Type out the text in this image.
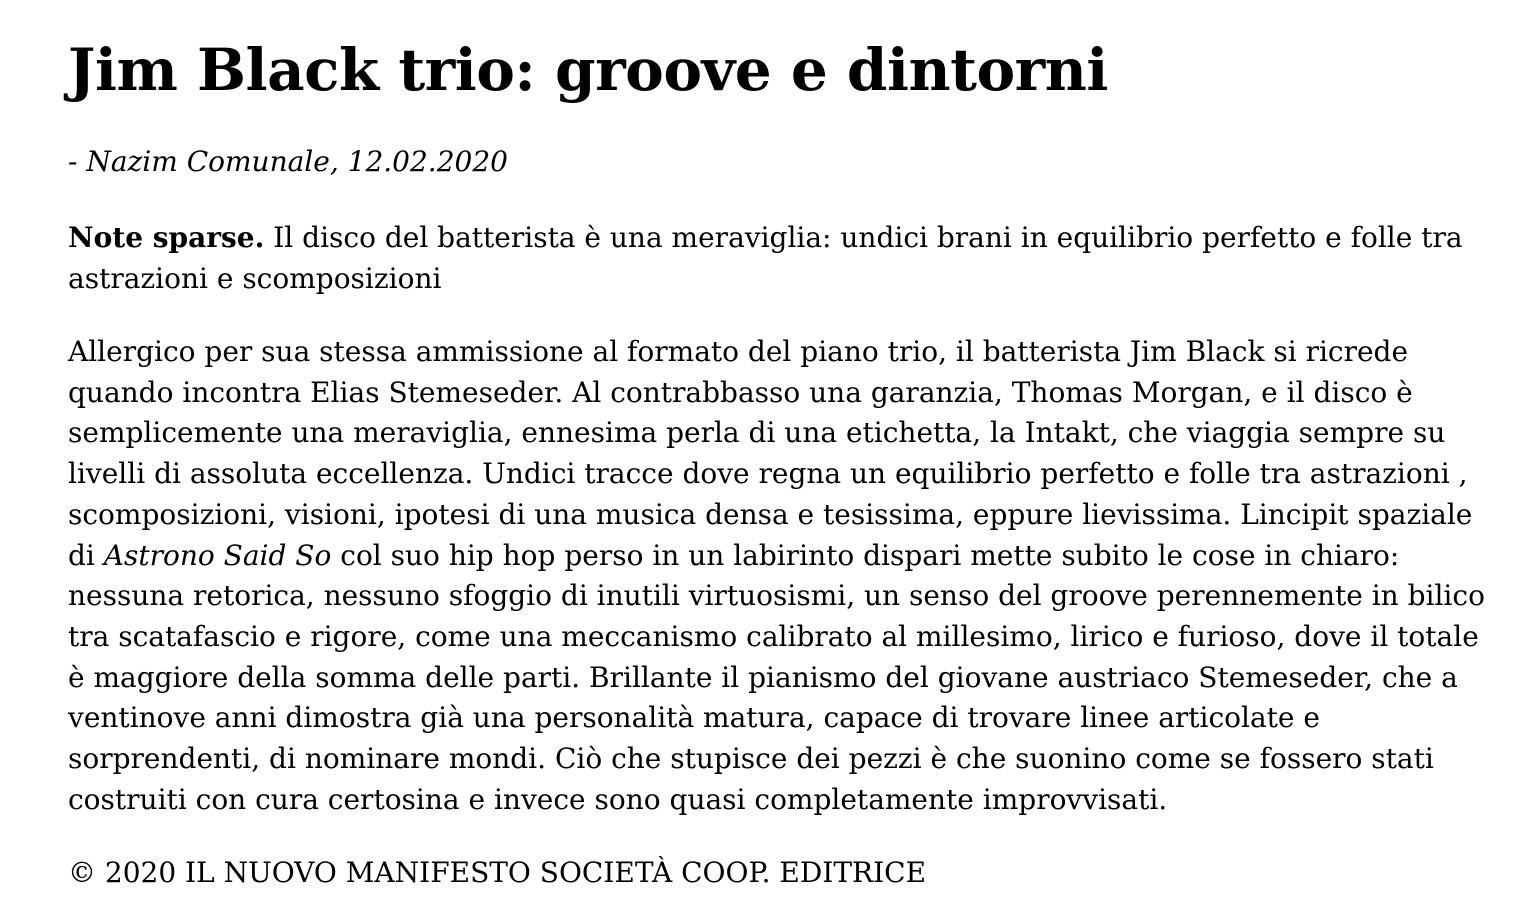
Jim Black trio: groove e dintorni

- Nazim Comunale, 12.02.2020

Note sparse. Il disco del batterista è una meraviglia: undici brani in equilibrio perfetto e folle tra astrazioni e scomposizioni

Allergico per sua stessa ammissione al formato del piano trio, il batterista Jim Black si ricrede quando incontra Elias Stemeseder. Al contrabbasso una garanzia, Thomas Morgan, e il disco è semplicemente una meraviglia, ennesima perla di una etichetta, la Intakt, che viaggia sempre su livelli di assoluta eccellenza. Undici tracce dove regna un equilibrio perfetto e folle tra astrazioni , scomposizioni, visioni, ipotesi di una musica densa e tesissima, eppure lievissima. Lincipit spaziale di Astrono Said So col suo hip hop perso in un labirinto dispari mette subito le cose in chiaro: nessuna retorica, nessuno sfoggio di inutili virtuosismi, un senso del groove perennemente in bilico tra scatafascio e rigore, come una meccanismo calibrato al millesimo, lirico e furioso, dove il totale è maggiore della somma delle parti. Brillante il pianismo del giovane austriaco Stemeseder, che a ventinove anni dimostra già una personalità matura, capace di trovare linee articolate e sorprendenti, di nominare mondi. Ciò che stupisce dei pezzi è che suonino come se fossero stati costruiti con cura certosina e invece sono quasi completamente improvvisati.

© 2020 IL NUOVO MANIFESTO SOCIETÀ COOP. EDITRICE
